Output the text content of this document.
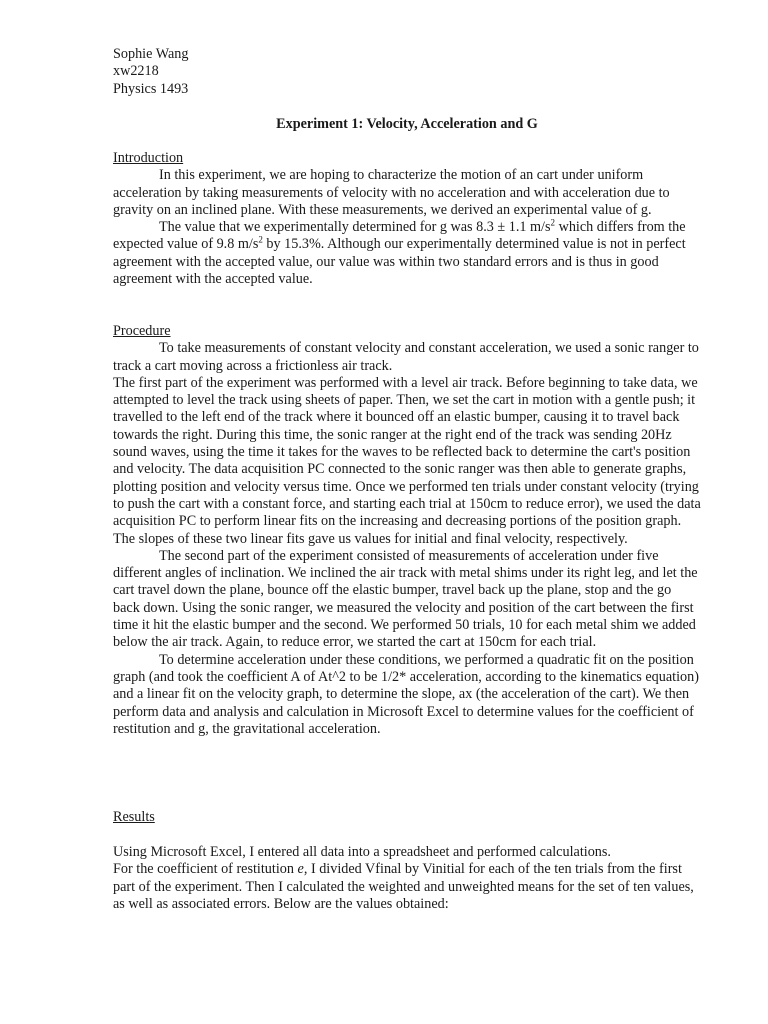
Sophie Wang
xw2218
Physics 1493
Experiment 1: Velocity, Acceleration and G
Introduction

In this experiment, we are hoping to characterize the motion of an cart under uniform acceleration by taking measurements of velocity with no acceleration and with acceleration due to gravity on an inclined plane. With these measurements, we derived an experimental value of g.

The value that we experimentally determined for g was 8.3 ± 1.1 $m/s^2$ which differs from the expected value of 9.8 $m/s^2$ by 15.3%. Although our experimentally determined value is not in perfect agreement with the accepted value, our value was within two standard errors and is thus in good agreement with the accepted value.

Procedure

To take measurements of constant velocity and constant acceleration, we used a sonic ranger to track a cart moving across a frictionless air track.

The first part of the experiment was performed with a level air track. Before beginning to take data, we attempted to level the track using sheets of paper. Then, we set the cart in motion with a gentle push; it travelled to the left end of the track where it bounced off an elastic bumper, causing it to travel back towards the right. During this time, the sonic ranger at the right end of the track was sending 20Hz sound waves, using the time it takes for the waves to be reflected back to determine the cart's position and velocity. The data acquisition PC connected to the sonic ranger was then able to generate graphs, plotting position and velocity versus time. Once we performed ten trials under constant velocity (trying to push the cart with a constant force, and starting each trial at 150cm to reduce error), we used the data acquisition PC to perform linear fits on the increasing and decreasing portions of the position graph. The slopes of these two linear fits gave us values for initial and final velocity, respectively.

The second part of the experiment consisted of measurements of acceleration under five different angles of inclination. We inclined the air track with metal shims under its right leg, and let the cart travel down the plane, bounce off the elastic bumper, travel back up the plane, stop and the go back down. Using the sonic ranger, we measured the velocity and position of the cart between the first time it hit the elastic bumper and the second. We performed 50 trials, 10 for each metal shim we added below the air track. Again, to reduce error, we started the cart at 150cm for each trial.

To determine acceleration under these conditions, we performed a quadratic fit on the position graph (and took the coefficient A of At^2 to be 1/2* acceleration, according to the kinematics equation) and a linear fit on the velocity graph, to determine the slope, ax (the acceleration of the cart). We then perform data and analysis and calculation in Microsoft Excel to determine values for the coefficient of restitution and g, the gravitational acceleration.

Results

Using Microsoft Excel, I entered all data into a spreadsheet and performed calculations.

For the coefficient of restitution e, I divided Vfinal by Vinitial for each of the ten trials from the first part of the experiment. Then I calculated the weighted and unweighted means for the set of ten values, as well as associated errors. Below are the values obtained:
